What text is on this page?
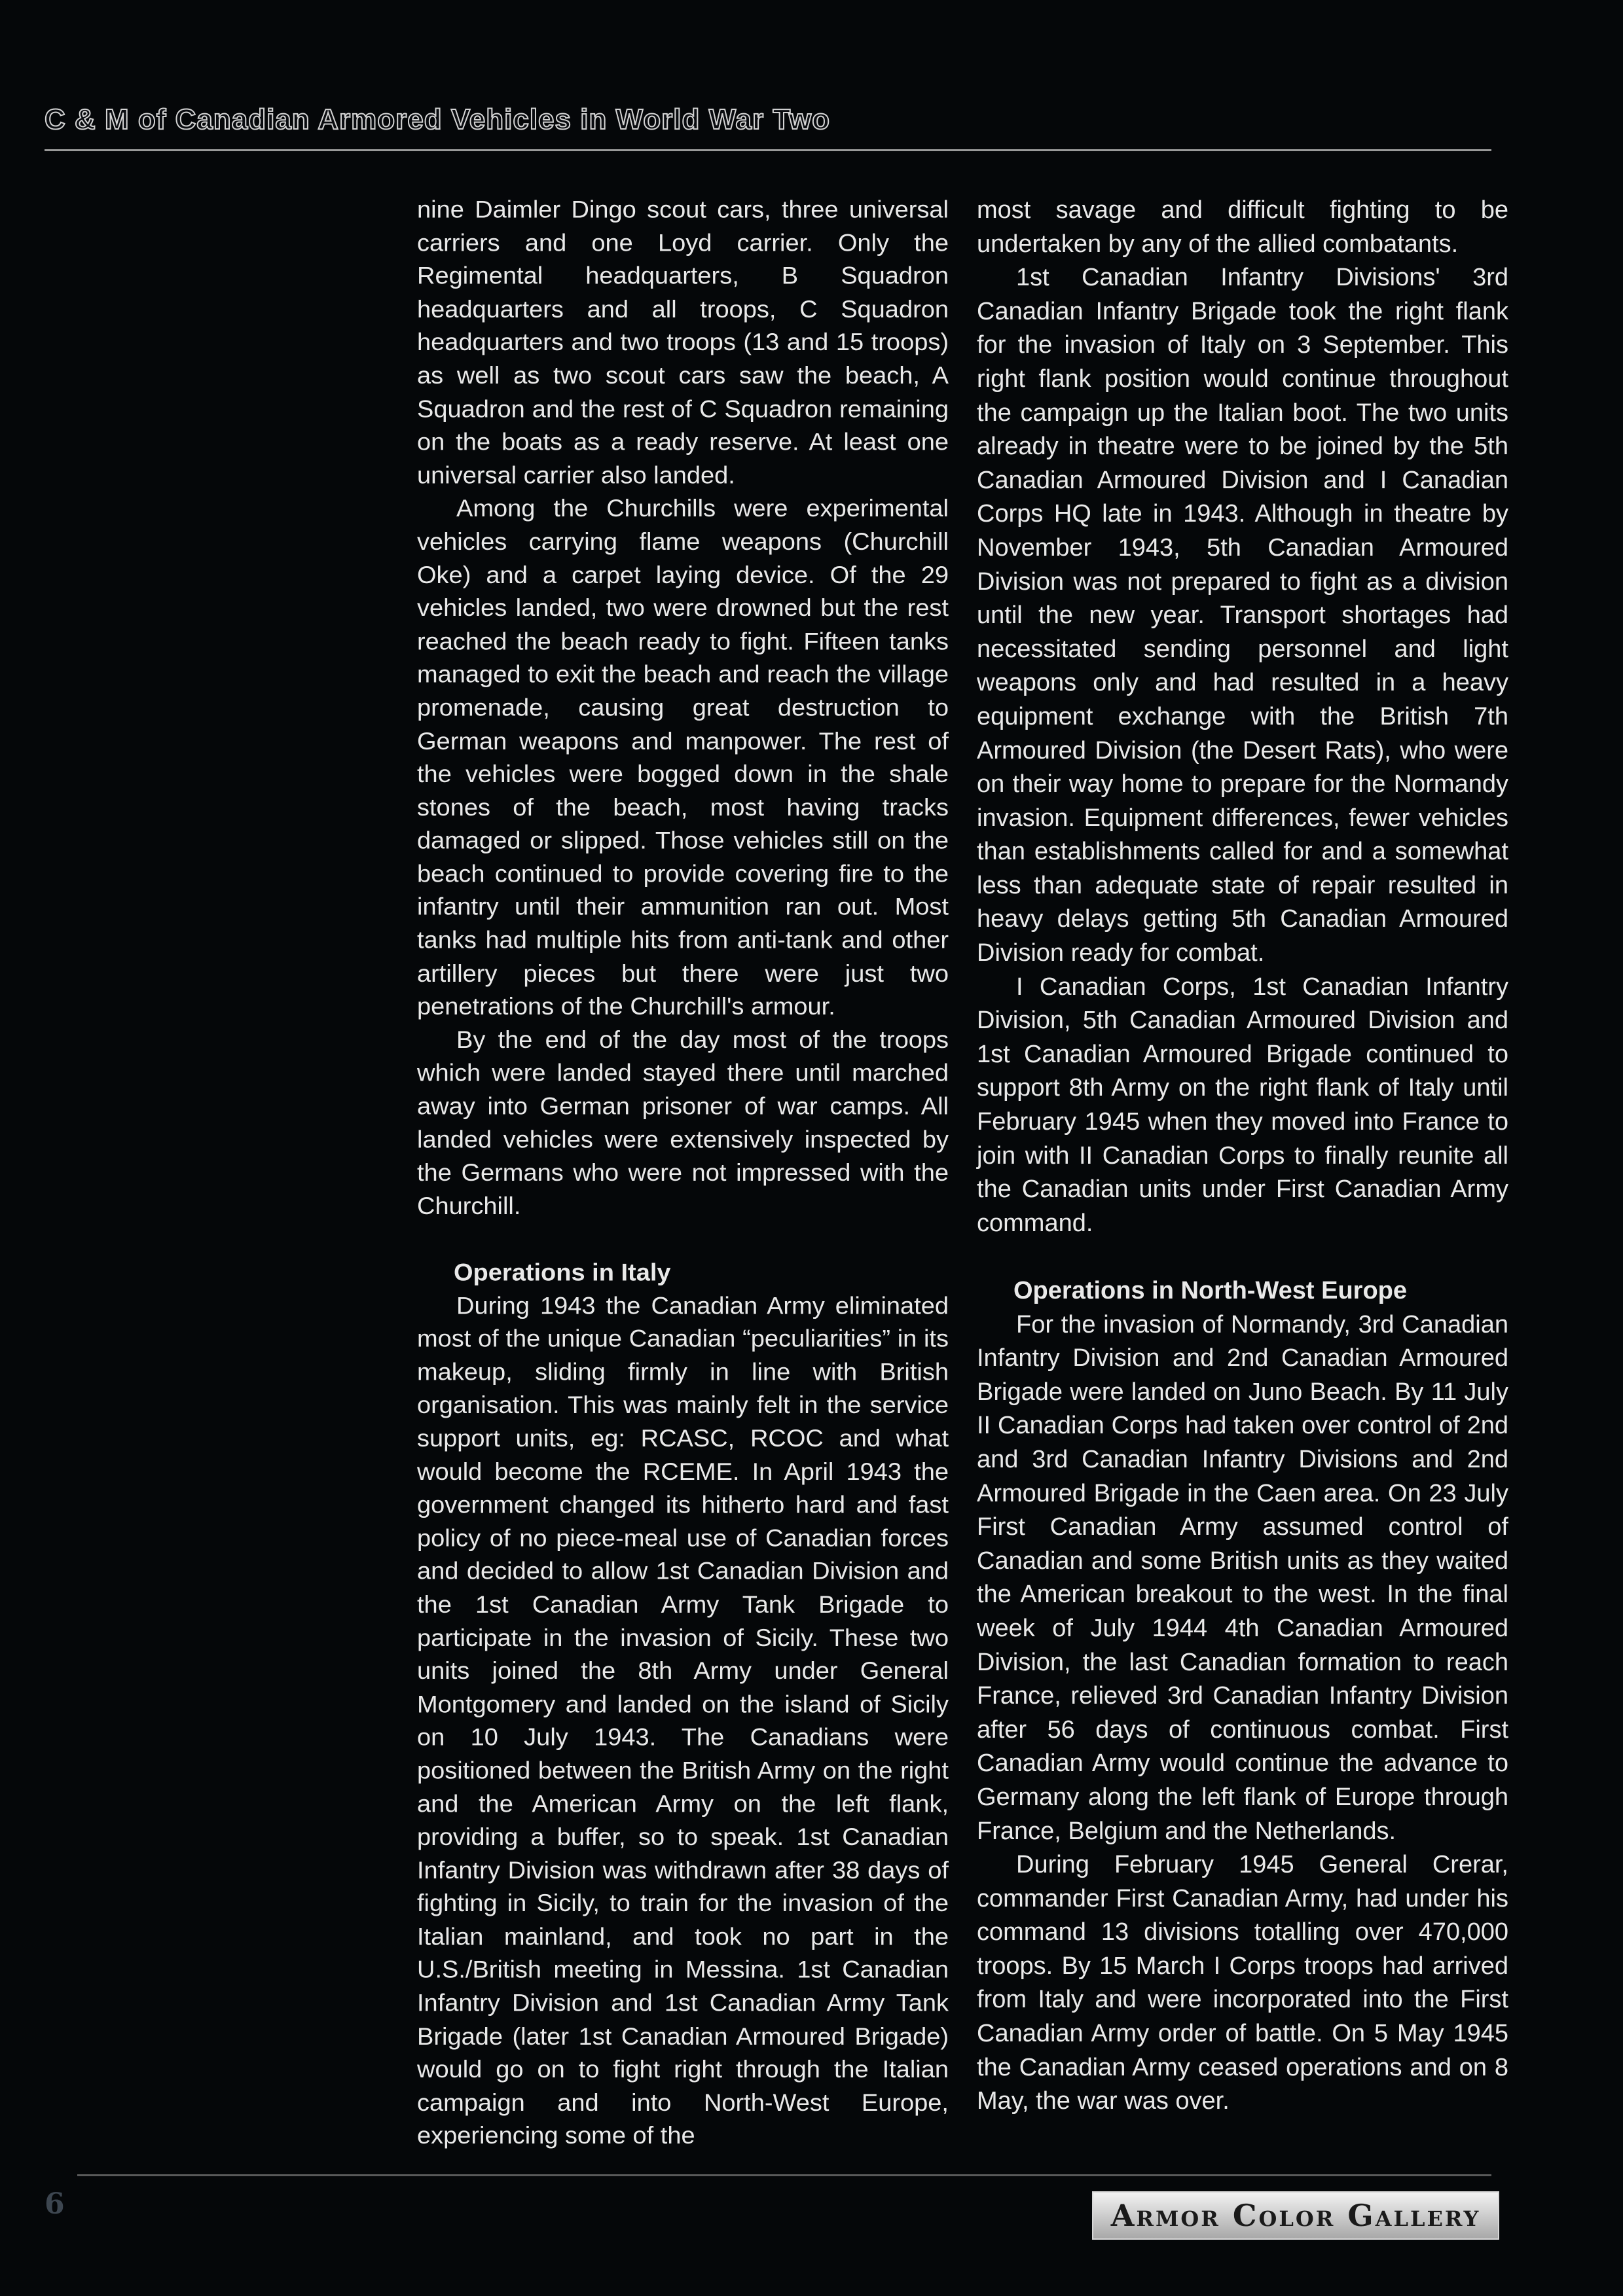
C & M of Canadian Armored Vehicles in World War Two

nine Daimler Dingo scout cars, three universal carriers and one Loyd carrier. Only the Regimental headquarters, B Squadron headquarters and all troops, C Squadron headquarters and two troops (13 and 15 troops) as well as two scout cars saw the beach, A Squadron and the rest of C Squadron remaining on the boats as a ready reserve. At least one universal carrier also landed.

Among the Churchills were experimental vehicles carrying flame weapons (Churchill Oke) and a carpet laying device. Of the 29 vehicles landed, two were drowned but the rest reached the beach ready to fight. Fifteen tanks managed to exit the beach and reach the village promenade, causing great destruction to German weapons and manpower. The rest of the vehicles were bogged down in the shale stones of the beach, most having tracks damaged or slipped. Those vehicles still on the beach continued to provide covering fire to the infantry until their ammunition ran out. Most tanks had multiple hits from anti-tank and other artillery pieces but there were just two penetrations of the Churchill's armour.

By the end of the day most of the troops which were landed stayed there until marched away into German prisoner of war camps. All landed vehicles were extensively inspected by the Germans who were not impressed with the Churchill.

Operations in Italy

During 1943 the Canadian Army eliminated most of the unique Canadian “peculiarities” in its makeup, sliding firmly in line with British organisation. This was mainly felt in the service support units, eg: RCASC, RCOC and what would become the RCEME. In April 1943 the government changed its hitherto hard and fast policy of no piece-meal use of Canadian forces and decided to allow 1st Canadian Division and the 1st Canadian Army Tank Brigade to participate in the invasion of Sicily. These two units joined the 8th Army under General Montgomery and landed on the island of Sicily on 10 July 1943. The Canadians were positioned between the British Army on the right and the American Army on the left flank, providing a buffer, so to speak. 1st Canadian Infantry Division was withdrawn after 38 days of fighting in Sicily, to train for the invasion of the Italian mainland, and took no part in the U.S./British meeting in Messina. 1st Canadian Infantry Division and 1st Canadian Army Tank Brigade (later 1st Canadian Armoured Brigade) would go on to fight right through the Italian campaign and into North-West Europe, experiencing some of the

most savage and difficult fighting to be undertaken by any of the allied combatants.

1st Canadian Infantry Divisions' 3rd Canadian Infantry Brigade took the right flank for the invasion of Italy on 3 September. This right flank position would continue throughout the campaign up the Italian boot. The two units already in theatre were to be joined by the 5th Canadian Armoured Division and I Canadian Corps HQ late in 1943. Although in theatre by November 1943, 5th Canadian Armoured Division was not prepared to fight as a division until the new year. Transport shortages had necessitated sending personnel and light weapons only and had resulted in a heavy equipment exchange with the British 7th Armoured Division (the Desert Rats), who were on their way home to prepare for the Normandy invasion. Equipment differences, fewer vehicles than establishments called for and a somewhat less than adequate state of repair resulted in heavy delays getting 5th Canadian Armoured Division ready for combat.

I Canadian Corps, 1st Canadian Infantry Division, 5th Canadian Armoured Division and 1st Canadian Armoured Brigade continued to support 8th Army on the right flank of Italy until February 1945 when they moved into France to join with II Canadian Corps to finally reunite all the Canadian units under First Canadian Army command.

Operations in North-West Europe

For the invasion of Normandy, 3rd Canadian Infantry Division and 2nd Canadian Armoured Brigade were landed on Juno Beach. By 11 July II Canadian Corps had taken over control of 2nd and 3rd Canadian Infantry Divisions and 2nd Armoured Brigade in the Caen area. On 23 July First Canadian Army assumed control of Canadian and some British units as they waited the American breakout to the west. In the final week of July 1944 4th Canadian Armoured Division, the last Canadian formation to reach France, relieved 3rd Canadian Infantry Division after 56 days of continuous combat. First Canadian Army would continue the advance to Germany along the left flank of Europe through France, Belgium and the Netherlands.

During February 1945 General Crerar, commander First Canadian Army, had under his command 13 divisions totalling over 470,000 troops. By 15 March I Corps troops had arrived from Italy and were incorporated into the First Canadian Army order of battle. On 5 May 1945 the Canadian Army ceased operations and on 8 May, the war was over.

6	Armor Color Gallery
